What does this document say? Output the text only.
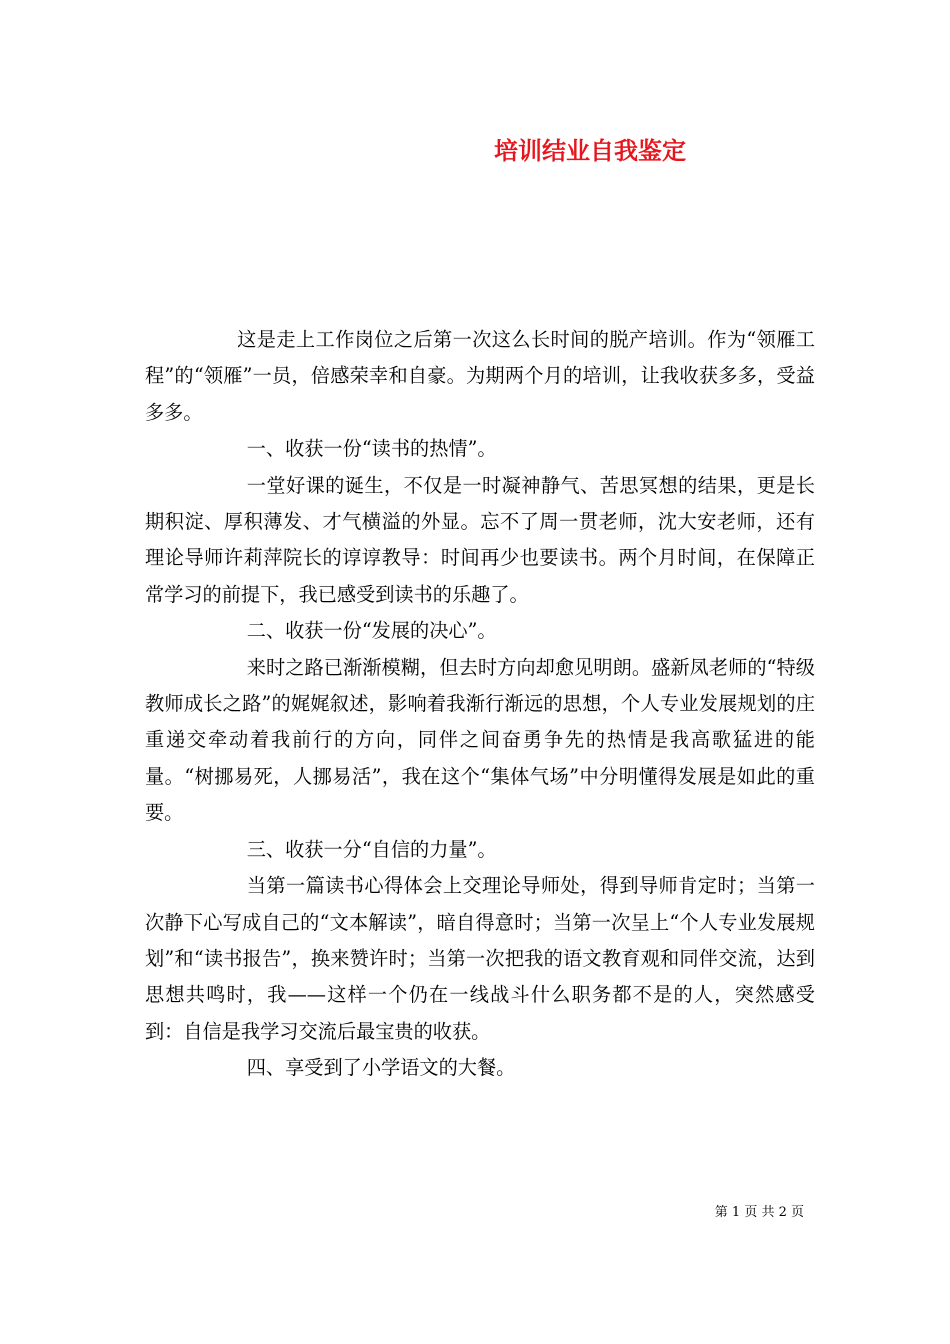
培训结业自我鉴定

这是走上工作岗位之后第一次这么长时间的脱产培训。作为“领雁工程”的“领雁”一员，倍感荣幸和自豪。为期两个月的培训，让我收获多多，受益多多。

一、收获一份“读书的热情”。

一堂好课的诞生，不仅是一时凝神静气、苦思冥想的结果，更是长期积淀、厚积薄发、才气横溢的外显。忘不了周一贯老师，沈大安老师，还有理论导师许莉萍院长的谆谆教导：时间再少也要读书。两个月时间，在保障正常学习的前提下，我已感受到读书的乐趣了。

二、收获一份“发展的决心”。

来时之路已渐渐模糊，但去时方向却愈见明朗。盛新凤老师的“特级教师成长之路”的娓娓叙述，影响着我渐行渐远的思想，个人专业发展规划的庄重递交牵动着我前行的方向，同伴之间奋勇争先的热情是我高歌猛进的能量。“树挪易死，人挪易活”，我在这个“集体气场”中分明懂得发展是如此的重要。

三、收获一分“自信的力量”。

当第一篇读书心得体会上交理论导师处，得到导师肯定时；当第一次静下心写成自己的“文本解读”，暗自得意时；当第一次呈上“个人专业发展规划”和“读书报告”，换来赞许时；当第一次把我的语文教育观和同伴交流，达到思想共鸣时，我——这样一个仍在一线战斗什么职务都不是的人，突然感受到：自信是我学习交流后最宝贵的收获。

四、享受到了小学语文的大餐。

第 1 页 共 2 页
